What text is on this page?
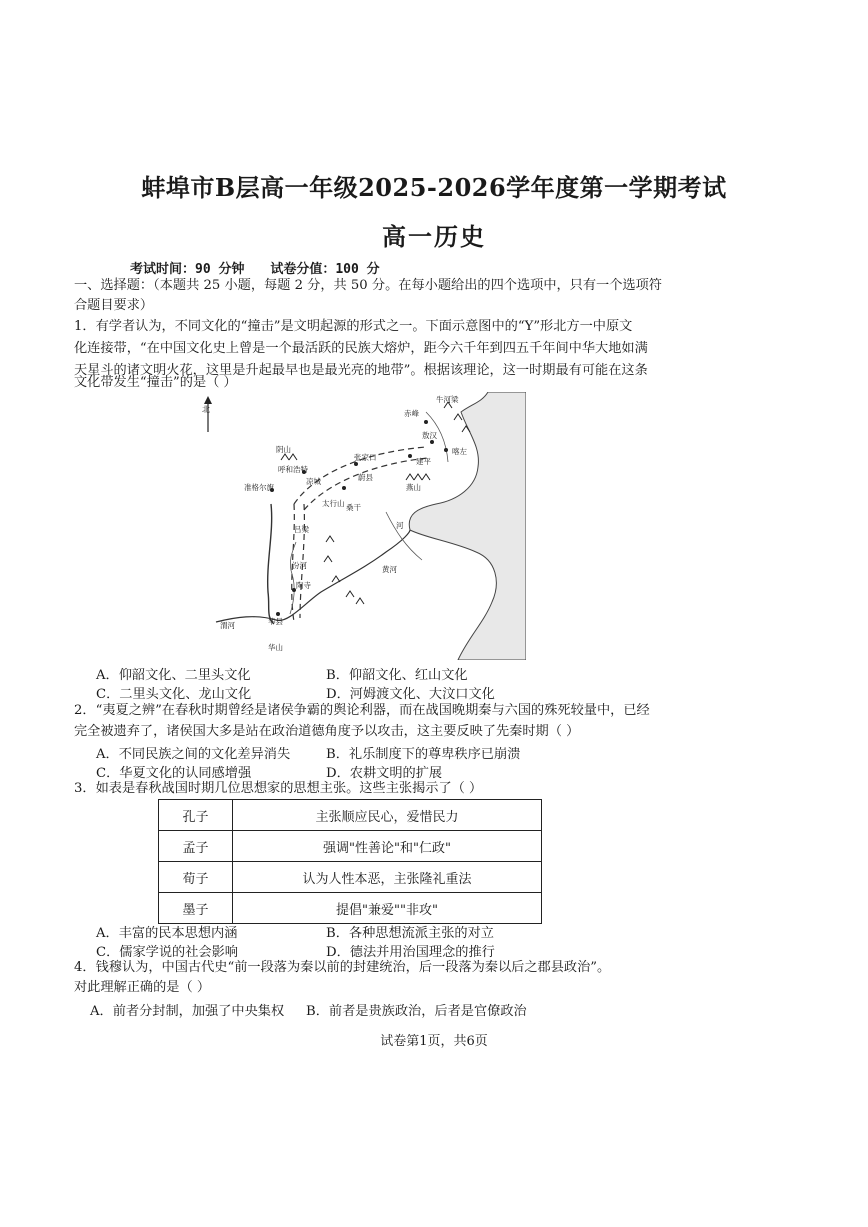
蚌埠市B层高一年级2025-2026学年度第一学期考试
高一历史
考试时间：90 分钟 试卷分值：100 分
一、选择题：（本题共 25 小题，每题 2 分，共 50 分。在每小题给出的四个选项中，只有一个选项符
合题目要求）
1．有学者认为，不同文化的“撞击”是文明起源的形式之一。下面示意图中的“Y”形北方一中原文
化连接带，“在中国文化史上曾是一个最活跃的民族大熔炉，距今六千年到四五千年间中华大地如满
天星斗的诸文明火花，这里是升起最早也是最光亮的地带”。根据该理论，这一时期最有可能在这条
文化带发生“撞击”的是（ ）
北	赤峰
敖汉
喀左
建平
燕山
阴山
呼和浩特
凉城
准格尔旗
张家口
蔚县
桑干
太行山
吕梁
陶寺
汾河
华县
华山
渭河
黄河
河
牛河梁
A．仰韶文化、二里头文化	B．仰韶文化、红山文化
C．二里头文化、龙山文化	D．河姆渡文化、大汶口文化
2．“夷夏之辨”在春秋时期曾经是诸侯争霸的舆论利器，而在战国晚期秦与六国的殊死较量中，已经
完全被遗弃了，诸侯国大多是站在政治道德角度予以攻击，这主要反映了先秦时期（ ）
A．不同民族之间的文化差异消失	B．礼乐制度下的尊卑秩序已崩溃
C．华夏文化的认同感增强	D．农耕文明的扩展
3．如表是春秋战国时期几位思想家的思想主张。这些主张揭示了（ ）
孔子	主张顺应民心，爱惜民力
孟子	强调"性善论"和"仁政"
荀子	认为人性本恶，主张隆礼重法
墨子	提倡"兼爱""非攻"
A．丰富的民本思想内涵	B．各种思想流派主张的对立
C．儒家学说的社会影响	D．德法并用治国理念的推行
4．钱穆认为，中国古代史“前一段落为秦以前的封建统治，后一段落为秦以后之郡县政治”。
对此理解正确的是（ ）
A．前者分封制，加强了中央集权 B．前者是贵族政治，后者是官僚政治
试卷第1页，共6页
